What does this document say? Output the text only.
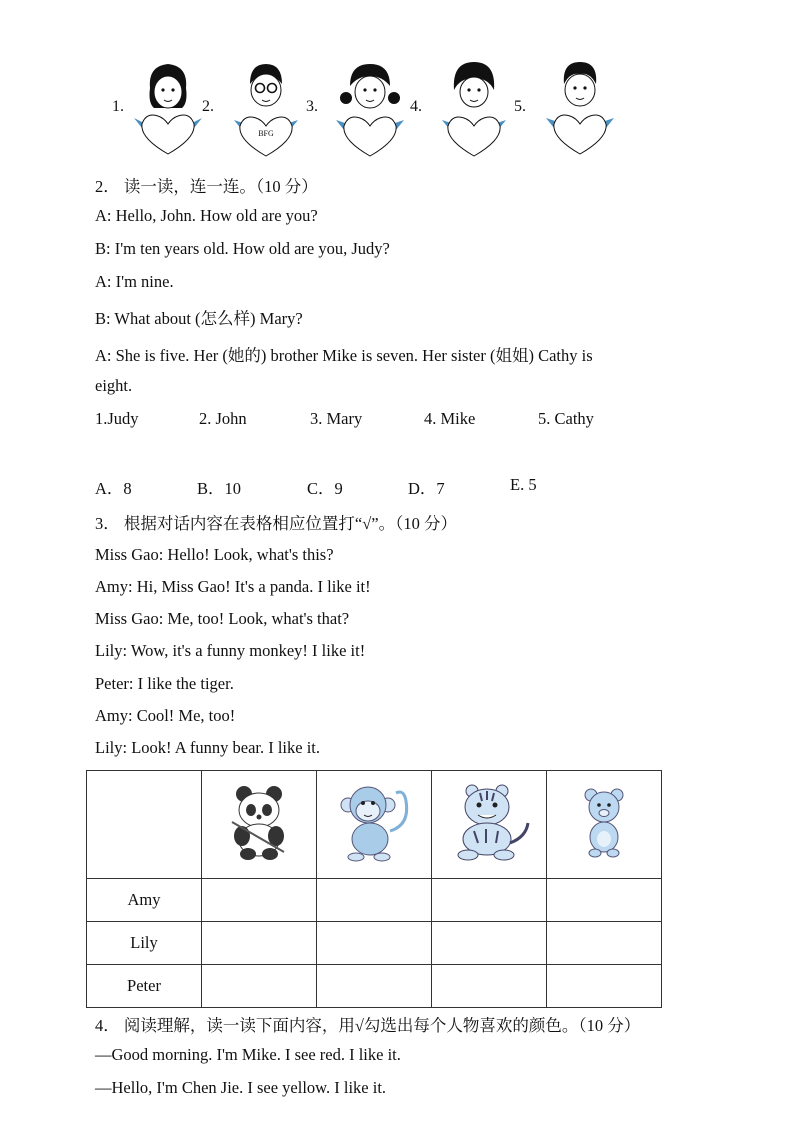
1.	2.	3.	4.	5.
BFG
2． 读一读，连一连。（10 分）
A: Hello, John. How old are you?
B: I'm ten years old. How old are you, Judy?
A: I'm nine.
B: What about (怎么样) Mary?
A: She is five. Her (她的) brother Mike is seven. Her sister (姐姐) Cathy is
eight.
1.Judy	2. John	3. Mary	4. Mike	5. Cathy
A．8	B．10	C．9	D．7	E. 5
3． 根据对话内容在表格相应位置打“√”。（10 分）
Miss Gao: Hello! Look, what's this?
Amy: Hi, Miss Gao! It's a panda. I like it!
Miss Gao: Me, too! Look, what's that?
Lily: Wow, it's a funny monkey! I like it!
Peter: I like the tiger.
Amy: Cool! Me, too!
Lily: Look! A funny bear. I like it.

Amy				
Lily				
Peter				
4． 阅读理解，读一读下面内容，用√勾选出每个人物喜欢的颜色。（10 分）
—Good morning. I'm Mike. I see red. I like it.
—Hello, I'm Chen Jie. I see yellow. I like it.
